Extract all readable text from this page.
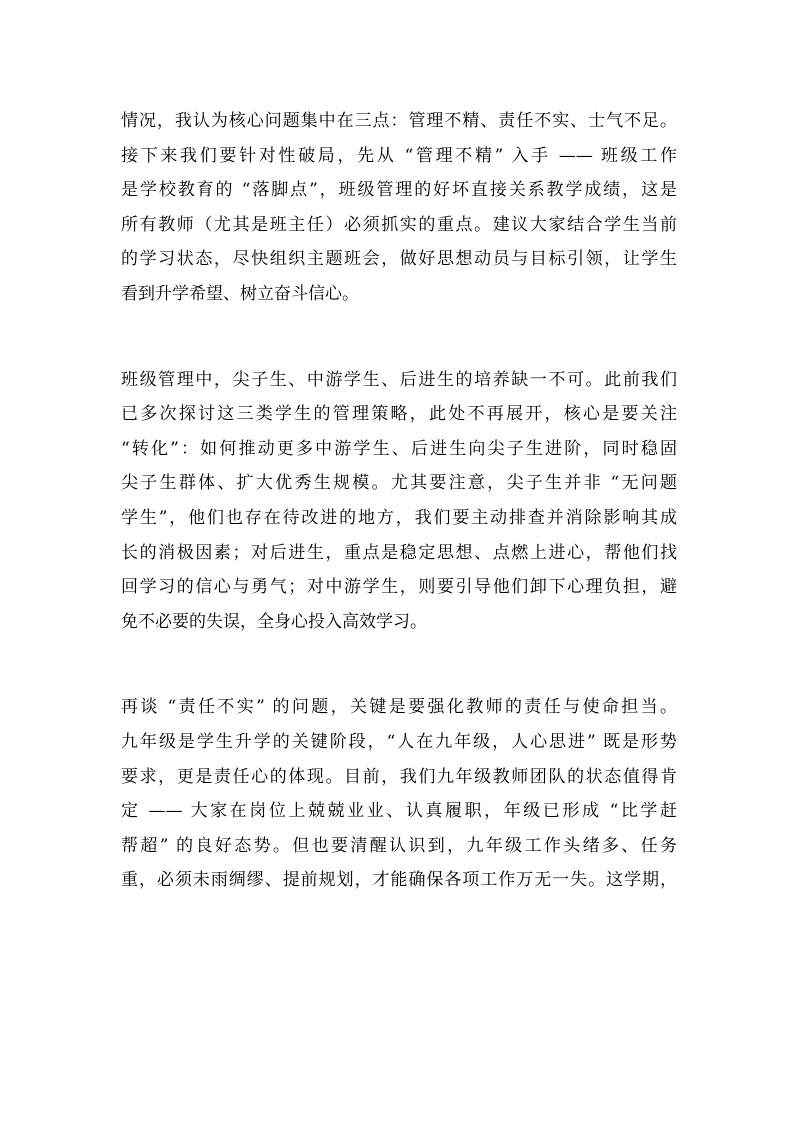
情况，我认为核心问题集中在三点：管理不精、责任不实、士气不足。
接下来我们要针对性破局，先从 “管理不精” 入手 —— 班级工作
是学校教育的 “落脚点”，班级管理的好坏直接关系教学成绩，这是
所有教师（尤其是班主任）必须抓实的重点。建议大家结合学生当前
的学习状态，尽快组织主题班会，做好思想动员与目标引领，让学生
看到升学希望、树立奋斗信心。
班级管理中，尖子生、中游学生、后进生的培养缺一不可。此前我们
已多次探讨这三类学生的管理策略，此处不再展开，核心是要关注
“转化”：如何推动更多中游学生、后进生向尖子生进阶，同时稳固
尖子生群体、扩大优秀生规模。尤其要注意，尖子生并非 “无问题
学生”，他们也存在待改进的地方，我们要主动排查并消除影响其成
长的消极因素；对后进生，重点是稳定思想、点燃上进心，帮他们找
回学习的信心与勇气；对中游学生，则要引导他们卸下心理负担，避
免不必要的失误，全身心投入高效学习。
再谈 “责任不实” 的问题，关键是要强化教师的责任与使命担当。
九年级是学生升学的关键阶段，“人在九年级，人心思进” 既是形势
要求，更是责任心的体现。目前，我们九年级教师团队的状态值得肯
定 —— 大家在岗位上兢兢业业、认真履职，年级已形成 “比学赶
帮超” 的良好态势。但也要清醒认识到，九年级工作头绪多、任务
重，必须未雨绸缪、提前规划，才能确保各项工作万无一失。这学期，
